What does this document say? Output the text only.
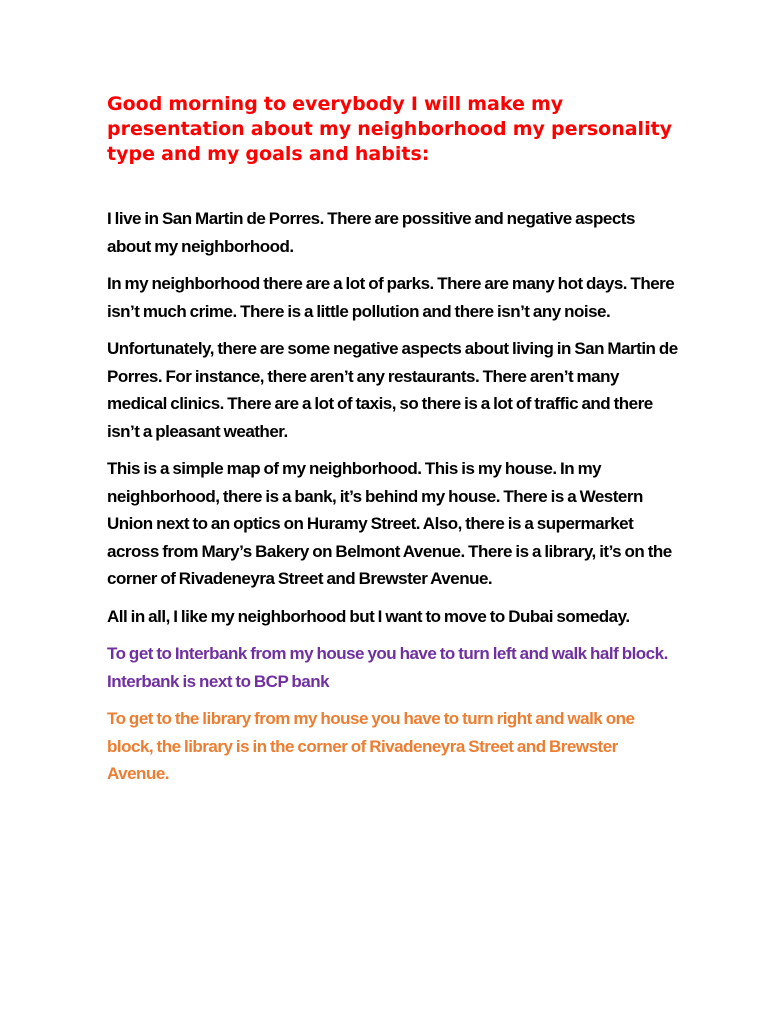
Good morning to everybody I will make my presentation about my neighborhood my personality type and my goals and habits:

I live in San Martin de Porres. There are possitive and negative aspects about my neighborhood.

In my neighborhood there are a lot of parks. There are many hot days. There isn’t much crime. There is a little pollution and there isn’t any noise.

Unfortunately, there are some negative aspects about living in San Martin de Porres. For instance, there aren’t any restaurants. There aren’t many medical clinics. There are a lot of taxis, so there is a lot of traffic and there isn’t a pleasant weather.

This is a simple map of my neighborhood. This is my house. In my neighborhood, there is a bank, it’s behind my house. There is a Western Union next to an optics on Huramy Street. Also, there is a supermarket across from Mary’s Bakery on Belmont Avenue. There is a library, it’s on the corner of Rivadeneyra Street and Brewster Avenue.

All in all, I like my neighborhood but I want to move to Dubai someday.

To get to Interbank from my house you have to turn left and walk half block. Interbank is next to BCP bank

To get to the library from my house you have to turn right and walk one block, the library is in the corner of Rivadeneyra Street and Brewster Avenue.
